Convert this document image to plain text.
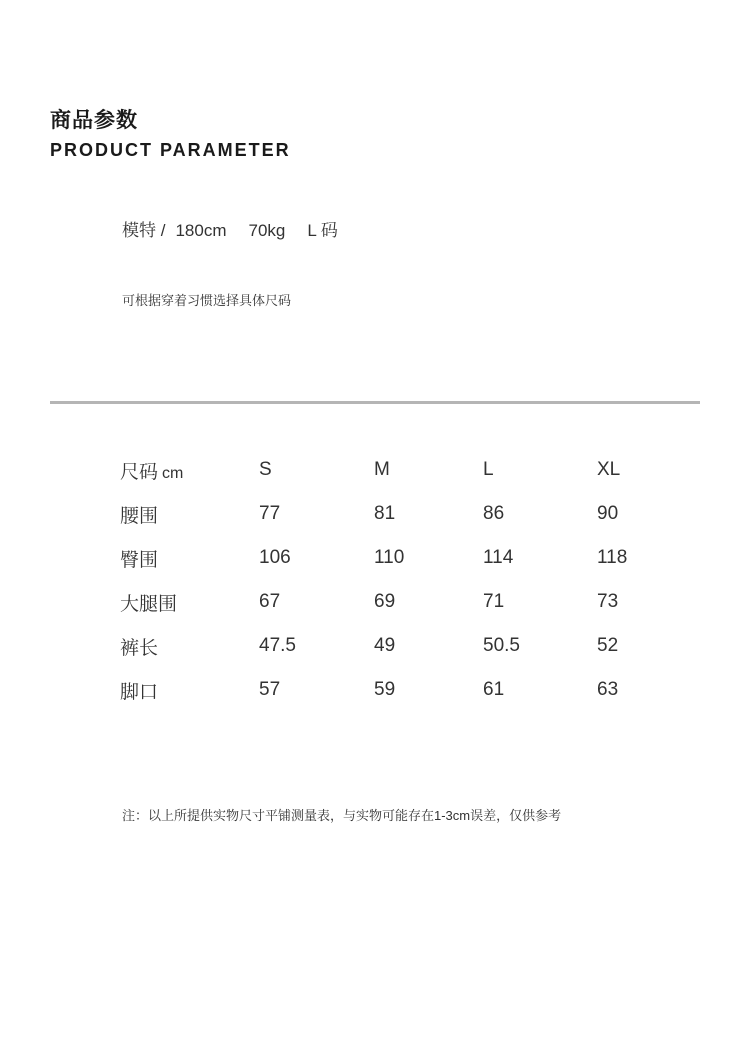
商品参数
PRODUCT PARAMETER
模特 / 180cm 70kg L 码
可根据穿着习惯选择具体尺码
尺码 cm	S	M	L	XL
腰围	77	81	86	90
臀围	106	110	114	118
大腿围	67	69	71	73
裤长	47.5	49	50.5	52
脚口	57	59	61	63
注：以上所提供实物尺寸平铺测量表，与实物可能存在1-3cm误差，仅供参考
